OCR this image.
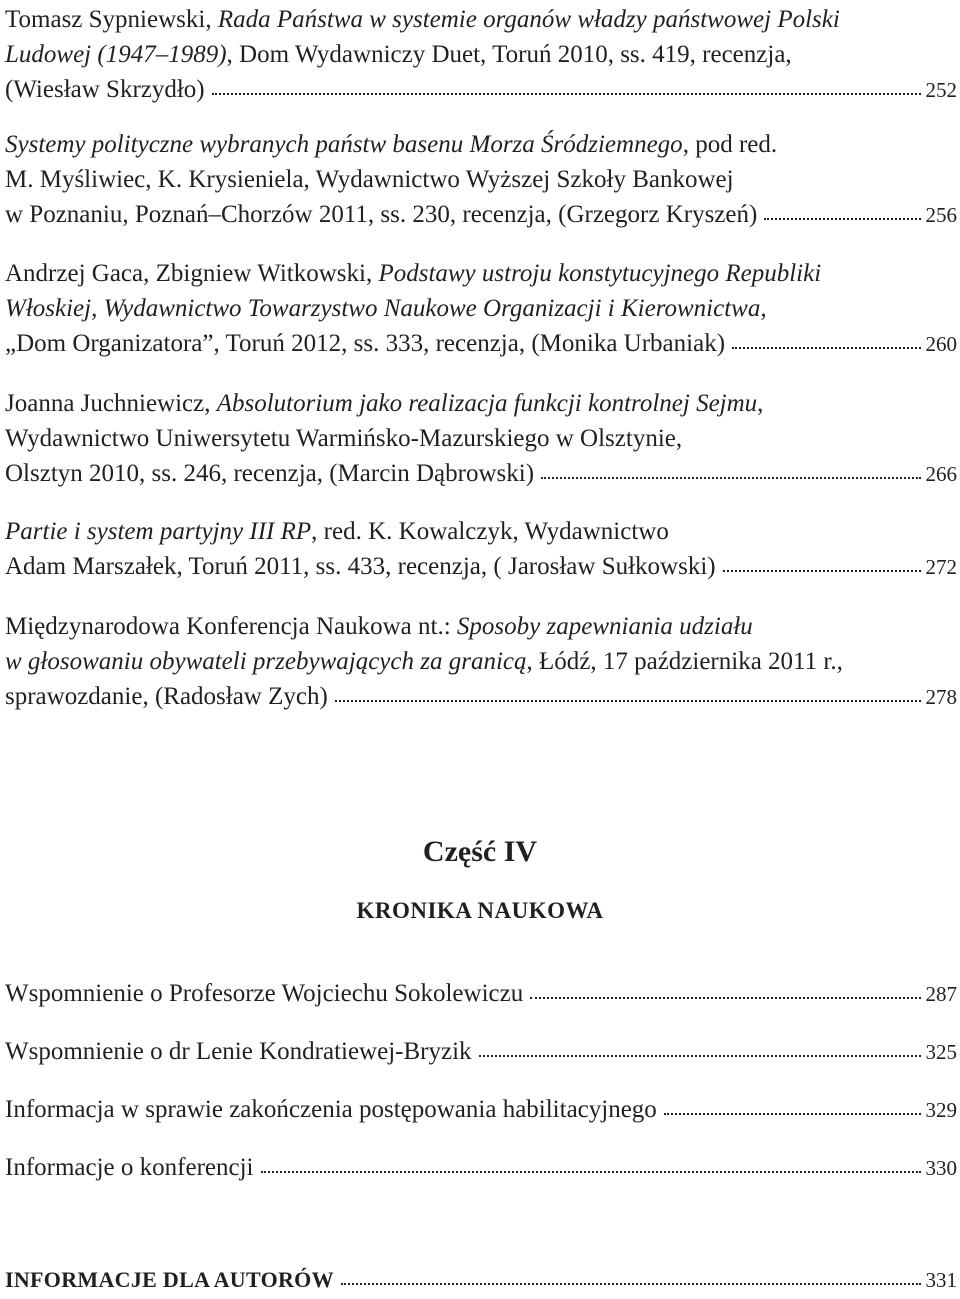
Tomasz Sypniewski, Rada Państwa w systemie organów władzy państwowej Polski
Ludowej (1947–1989), Dom Wydawniczy Duet, Toruń 2010, ss. 419, recenzja,
(Wiesław Skrzydło)	252
Systemy polityczne wybranych państw basenu Morza Śródziemnego, pod red.
M. Myśliwiec, K. Krysieniela, Wydawnictwo Wyższej Szkoły Bankowej
w Poznaniu, Poznań–Chorzów 2011, ss. 230, recenzja, (Grzegorz Kryszeń)	256
Andrzej Gaca, Zbigniew Witkowski, Podstawy ustroju konstytucyjnego Republiki
Włoskiej, Wydawnictwo Towarzystwo Naukowe Organizacji i Kierownictwa,
„Dom Organizatora”, Toruń 2012, ss. 333, recenzja, (Monika Urbaniak)	260
Joanna Juchniewicz, Absolutorium jako realizacja funkcji kontrolnej Sejmu,
Wydawnictwo Uniwersytetu Warmińsko-Mazurskiego w Olsztynie,
Olsztyn 2010, ss. 246, recenzja, (Marcin Dąbrowski)	266
Partie i system partyjny III RP, red. K. Kowalczyk, Wydawnictwo
Adam Marszałek, Toruń 2011, ss. 433, recenzja, ( Jarosław Sułkowski)	272
Międzynarodowa Konferencja Naukowa nt.: Sposoby zapewniania udziału
w głosowaniu obywateli przebywających za granicą, Łódź, 17 października 2011 r.,
sprawozdanie, (Radosław Zych)	278
Część IV
KRONIKA NAUKOWA
Wspomnienie o Profesorze Wojciechu Sokolewiczu	287
Wspomnienie o dr Lenie Kondratiewej-Bryzik	325
Informacja w sprawie zakończenia postępowania habilitacyjnego	329
Informacje o konferencji	330
INFORMACJE DLA AUTORÓW	331
